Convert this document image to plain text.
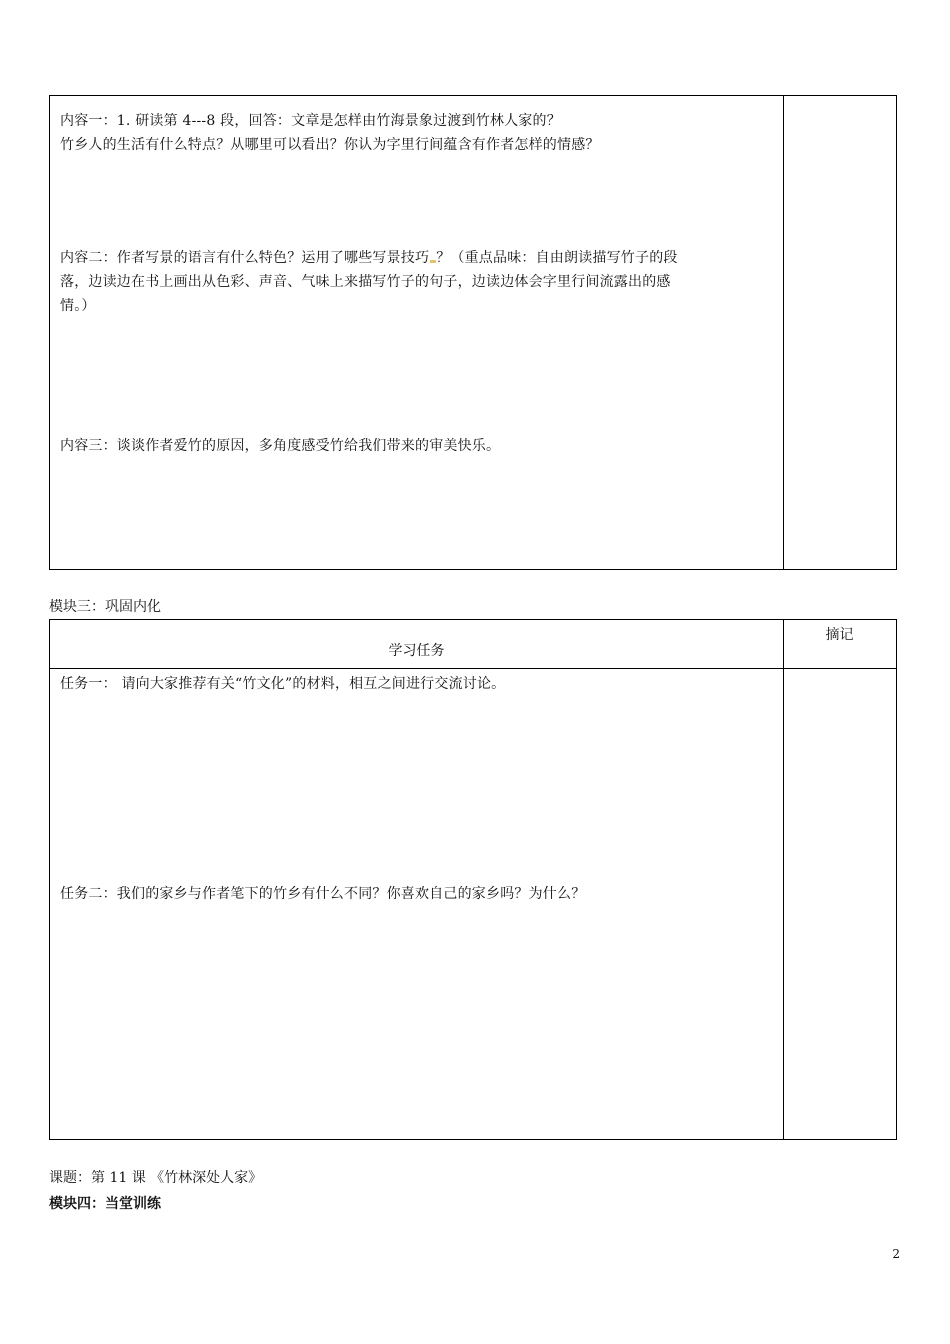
内容一：1. 研读第 4---8 段，回答：文章是怎样由竹海景象过渡到竹林人家的？
竹乡人的生活有什么特点？从哪里可以看出？你认为字里行间蕴含有作者怎样的情感？
内容二：作者写景的语言有什么特色？运用了哪些写景技巧 ？（重点品味：自由朗读描写竹子的段
落，边读边在书上画出从色彩、声音、气味上来描写竹子的句子，边读边体会字里行间流露出的感
情。）
内容三：谈谈作者爱竹的原因，多角度感受竹给我们带来的审美快乐。
模块三：巩固内化
学习任务
摘记
任务一： 请向大家推荐有关“竹文化”的材料，相互之间进行交流讨论。
任务二：我们的家乡与作者笔下的竹乡有什么不同？你喜欢自己的家乡吗？为什么？
课题：第 11 课 《竹林深处人家》
模块四：当堂训练
2
